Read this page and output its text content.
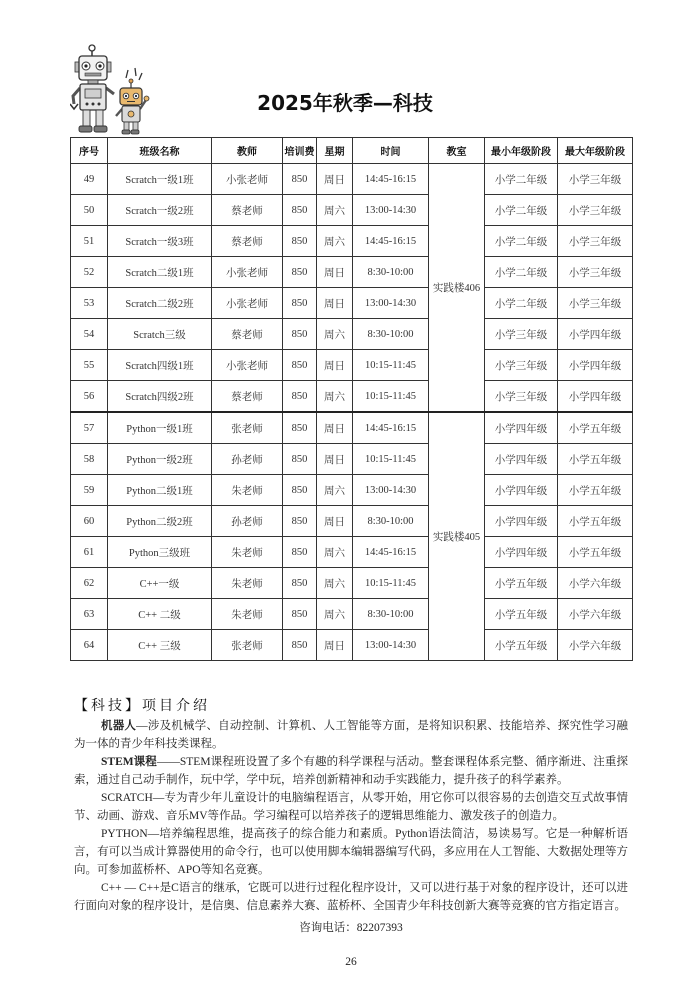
2025年秋季—科技
序号	班级名称	教师	培训费	星期	时间	教室	最小年级阶段	最大年级阶段
49	Scratch一级1班	小张老师	850	周日	14:45-16:15	实践楼406	小学二年级	小学三年级
50	Scratch一级2班	蔡老师	850	周六	13:00-14:30		小学二年级	小学三年级
51	Scratch一级3班	蔡老师	850	周六	14:45-16:15		小学二年级	小学三年级
52	Scratch二级1班	小张老师	850	周日	8:30-10:00		小学二年级	小学三年级
53	Scratch二级2班	小张老师	850	周日	13:00-14:30		小学二年级	小学三年级
54	Scratch三级	蔡老师	850	周六	8:30-10:00		小学三年级	小学四年级
55	Scratch四级1班	小张老师	850	周日	10:15-11:45		小学三年级	小学四年级
56	Scratch四级2班	蔡老师	850	周六	10:15-11:45		小学三年级	小学四年级
57	Python一级1班	张老师	850	周日	14:45-16:15	实践楼405	小学四年级	小学五年级
58	Python一级2班	孙老师	850	周日	10:15-11:45		小学四年级	小学五年级
59	Python二级1班	朱老师	850	周六	13:00-14:30		小学四年级	小学五年级
60	Python二级2班	孙老师	850	周日	8:30-10:00		小学四年级	小学五年级
61	Python三级班	朱老师	850	周六	14:45-16:15		小学四年级	小学五年级
62	C++一级	朱老师	850	周六	10:15-11:45		小学五年级	小学六年级
63	C++ 二级	朱老师	850	周六	8:30-10:00		小学五年级	小学六年级
64	C++ 三级	张老师	850	周日	13:00-14:30		小学五年级	小学六年级
【科技】项目介绍

机器人—涉及机械学、自动控制、计算机、人工智能等方面，是将知识积累、技能培养、探究性学习融为一体的青少年科技类课程。

STEM课程——STEM课程班设置了多个有趣的科学课程与活动。整套课程体系完整、循序渐进、注重探索，通过自己动手制作，玩中学，学中玩，培养创新精神和动手实践能力，提升孩子的科学素养。

SCRATCH—专为青少年儿童设计的电脑编程语言，从零开始，用它你可以很容易的去创造交互式故事情节、动画、游戏、音乐MV等作品。学习编程可以培养孩子的逻辑思维能力、激发孩子的创造力。

PYTHON—培养编程思维，提高孩子的综合能力和素质。Python语法简洁，易读易写。它是一种解析语言，有可以当成计算器使用的命令行，也可以使用脚本编辑器编写代码，多应用在人工智能、大数据处理等方向。可参加蓝桥杯、APO等知名竞赛。

C++ — C++是C语言的继承，它既可以进行过程化程序设计，又可以进行基于对象的程序设计，还可以进行面向对象的程序设计，是信奥、信息素养大赛、蓝桥杯、全国青少年科技创新大赛等竞赛的官方指定语言。

咨询电话：82207393
26
